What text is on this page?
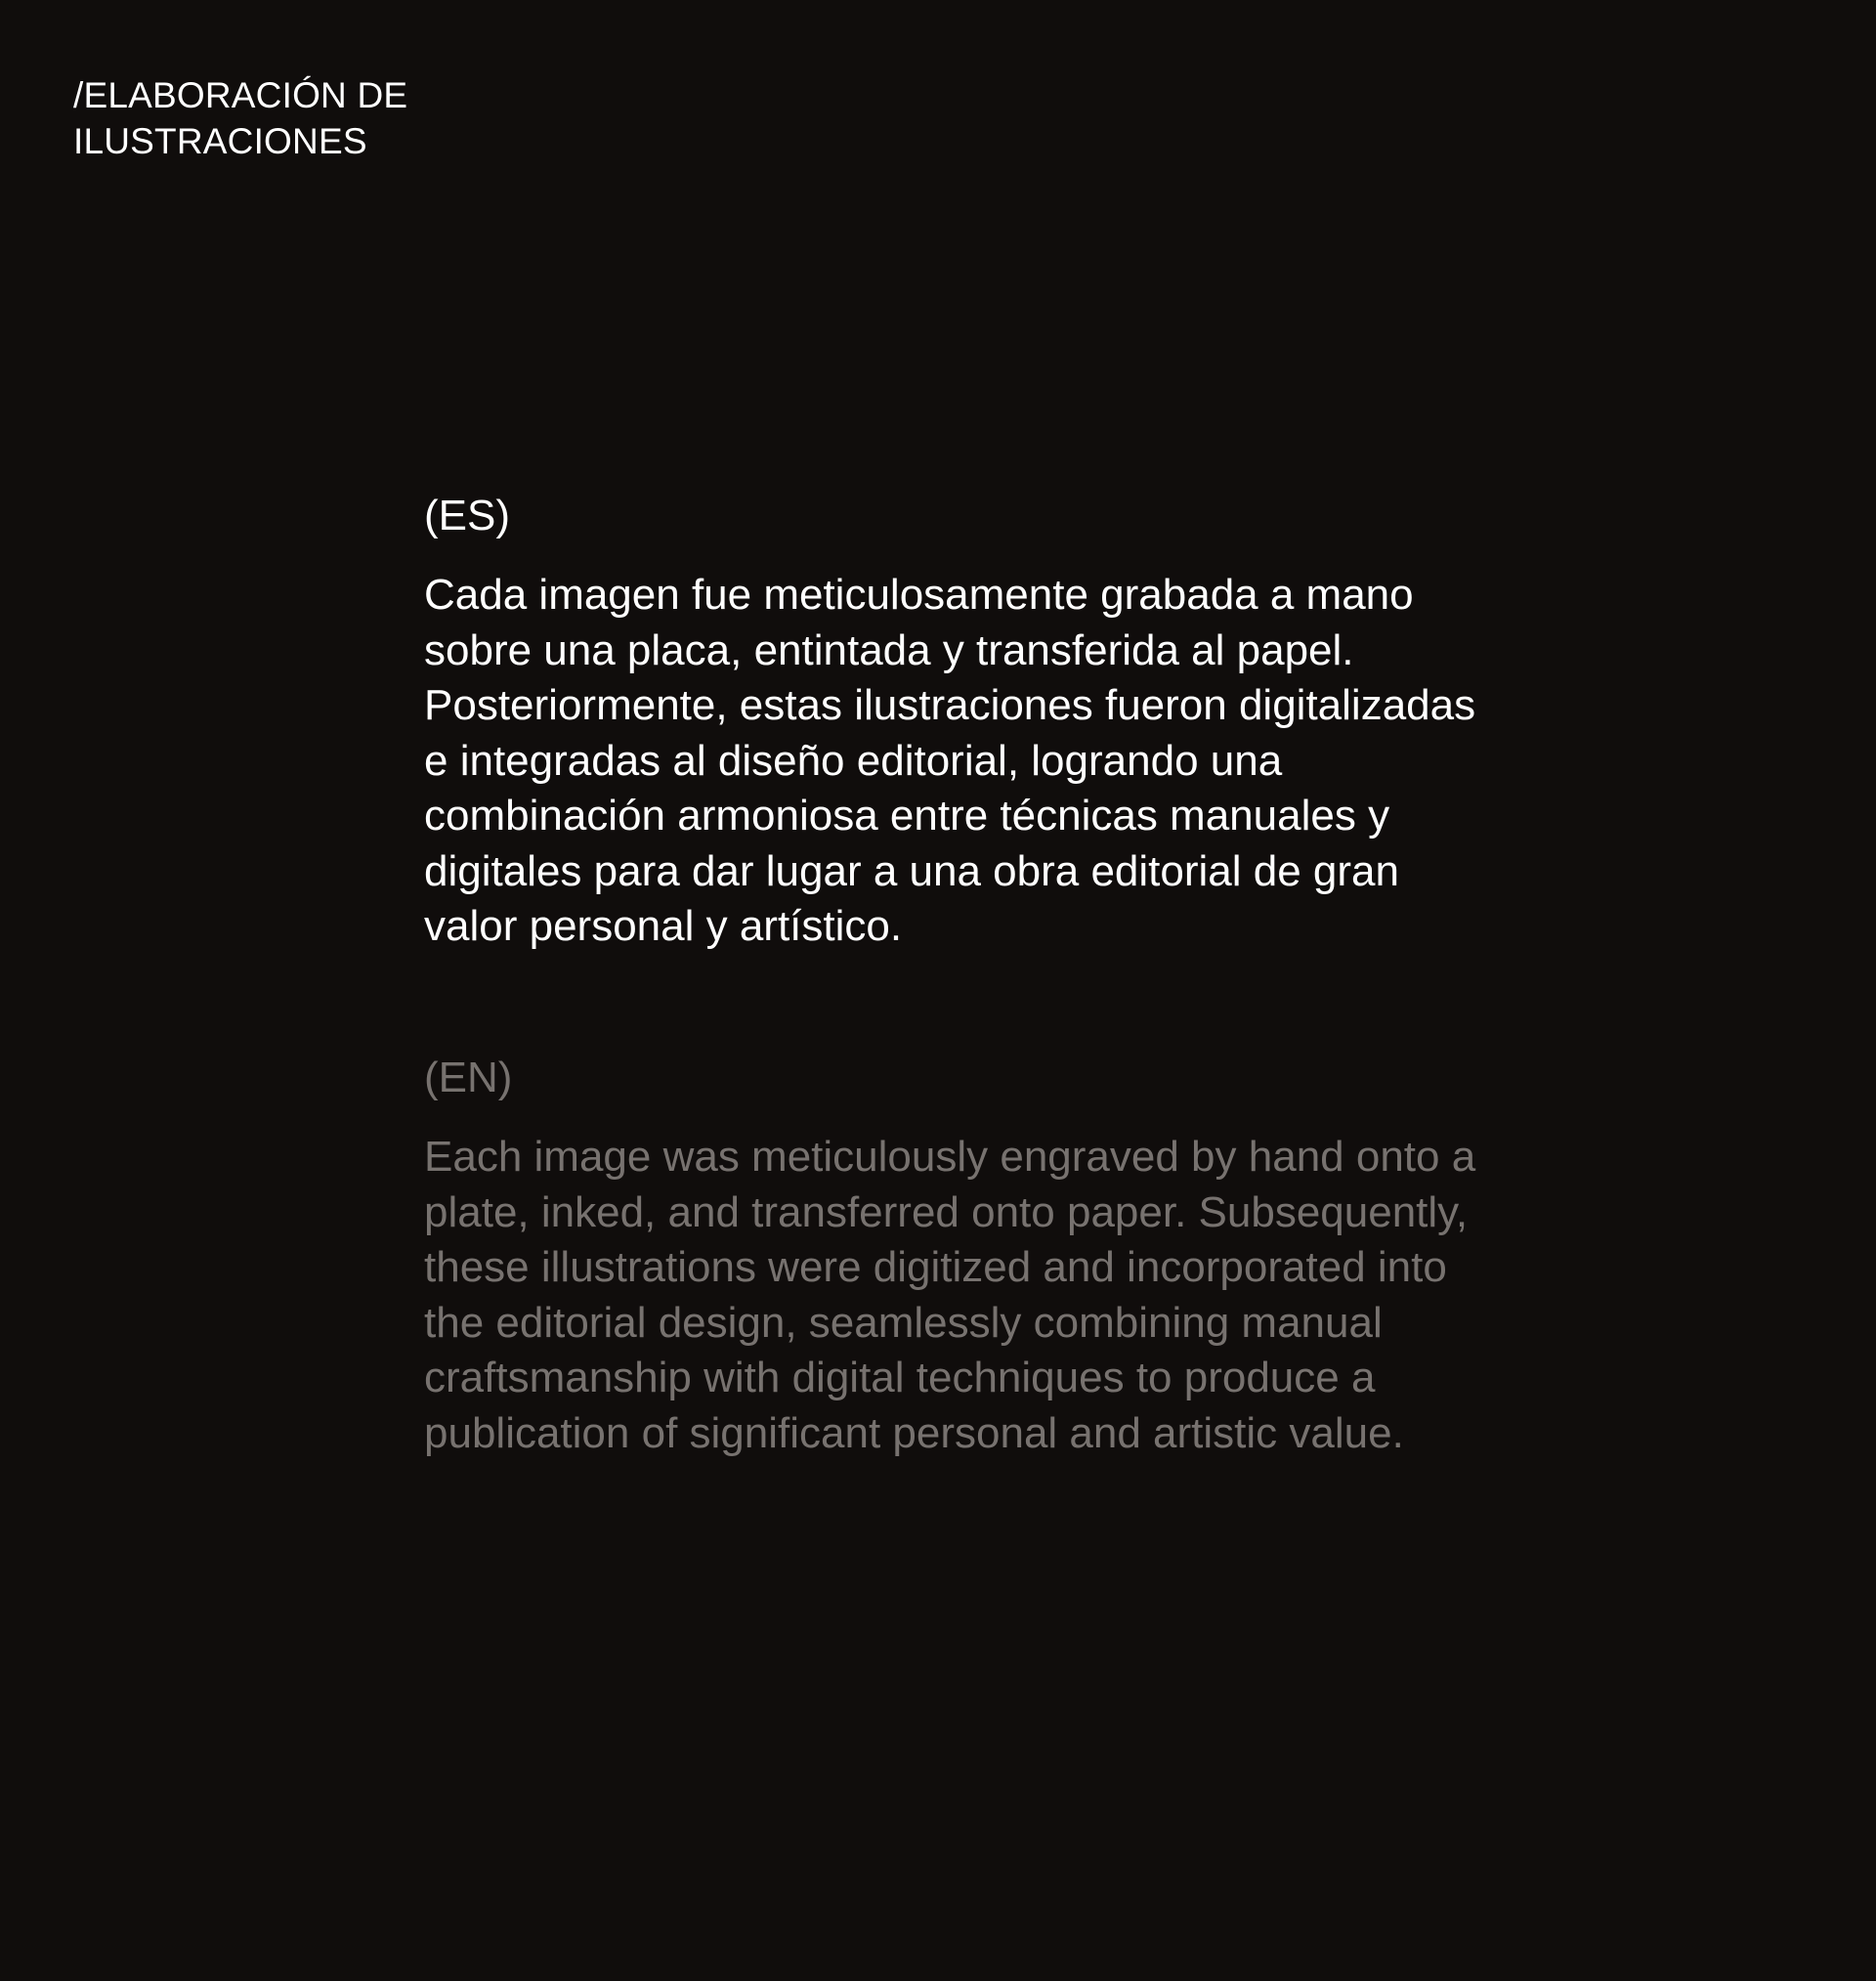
/ELABORACIÓN DE
ILUSTRACIONES
(ES)

Cada imagen fue meticulosamente grabada a mano
sobre una placa, entintada y transferida al papel.
Posteriormente, estas ilustraciones fueron digitalizadas
e integradas al diseño editorial, logrando una
combinación armoniosa entre técnicas manuales y
digitales para dar lugar a una obra editorial de gran
valor personal y artístico.

(EN)

Each image was meticulously engraved by hand onto a
plate, inked, and transferred onto paper. Subsequently,
these illustrations were digitized and incorporated into
the editorial design, seamlessly combining manual
craftsmanship with digital techniques to produce a
publication of significant personal and artistic value.
